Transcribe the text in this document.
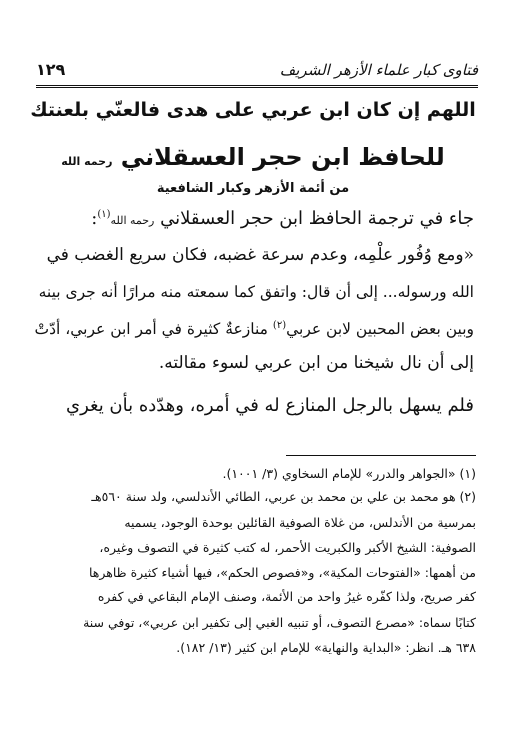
فتاوى كبار علماء الأزهر الشريف
١٢٩
اللهم إن كان ابن عربي على هدى فالعنّي بلعنتك
للحافظ ابن حجر العسقلاني رحمه الله
من أئمة الأزهر وكبار الشافعية
جاء في ترجمة الحافظ ابن حجر العسقلاني رحمه الله$^{(١)}$:
«ومع وُفُور علْمِه، وعدم سرعة غضبه، فكان سريع الغضب في
الله ورسوله... إلى أن قال: واتفق كما سمعته منه مرارًا أنه جرى بينه
وبين بعض المحبين لابن عربي$^{(٢)}$ منازعةٌ كثيرة في أمر ابن عربي، أدّتْ
إلى أن نال شيخنا من ابن عربي لسوء مقالته.
فلم يسهل بالرجل المنازع له في أمره، وهدّده بأن يغري
(١) «الجواهر والدرر» للإمام السخاوي (٣/ ١٠٠١).
(٢) هو محمد بن علي بن محمد بن عربي، الطائي الأندلسي، ولد سنة ٥٦٠هـ
بمرسية من الأندلس، من غلاة الصوفية القائلين بوحدة الوجود، يسميه
الصوفية: الشيخ الأكبر والكبريت الأحمر، له كتب كثيرة في التصوف وغيره،
من أهمها: «الفتوحات المكية»، و«فصوص الحكم»، فيها أشياء كثيرة ظاهرها
كفر صريح، ولذا كفّره غيرُ واحد من الأئمة، وصنف الإمام البقاعي في كفره
كتابًا سماه: «مصرع التصوف، أو تنبيه الغبي إلى تكفير ابن عربي»، توفي سنة
٦٣٨ هـ. انظر: «البداية والنهاية» للإمام ابن كثير (١٣/ ١٨٢).
